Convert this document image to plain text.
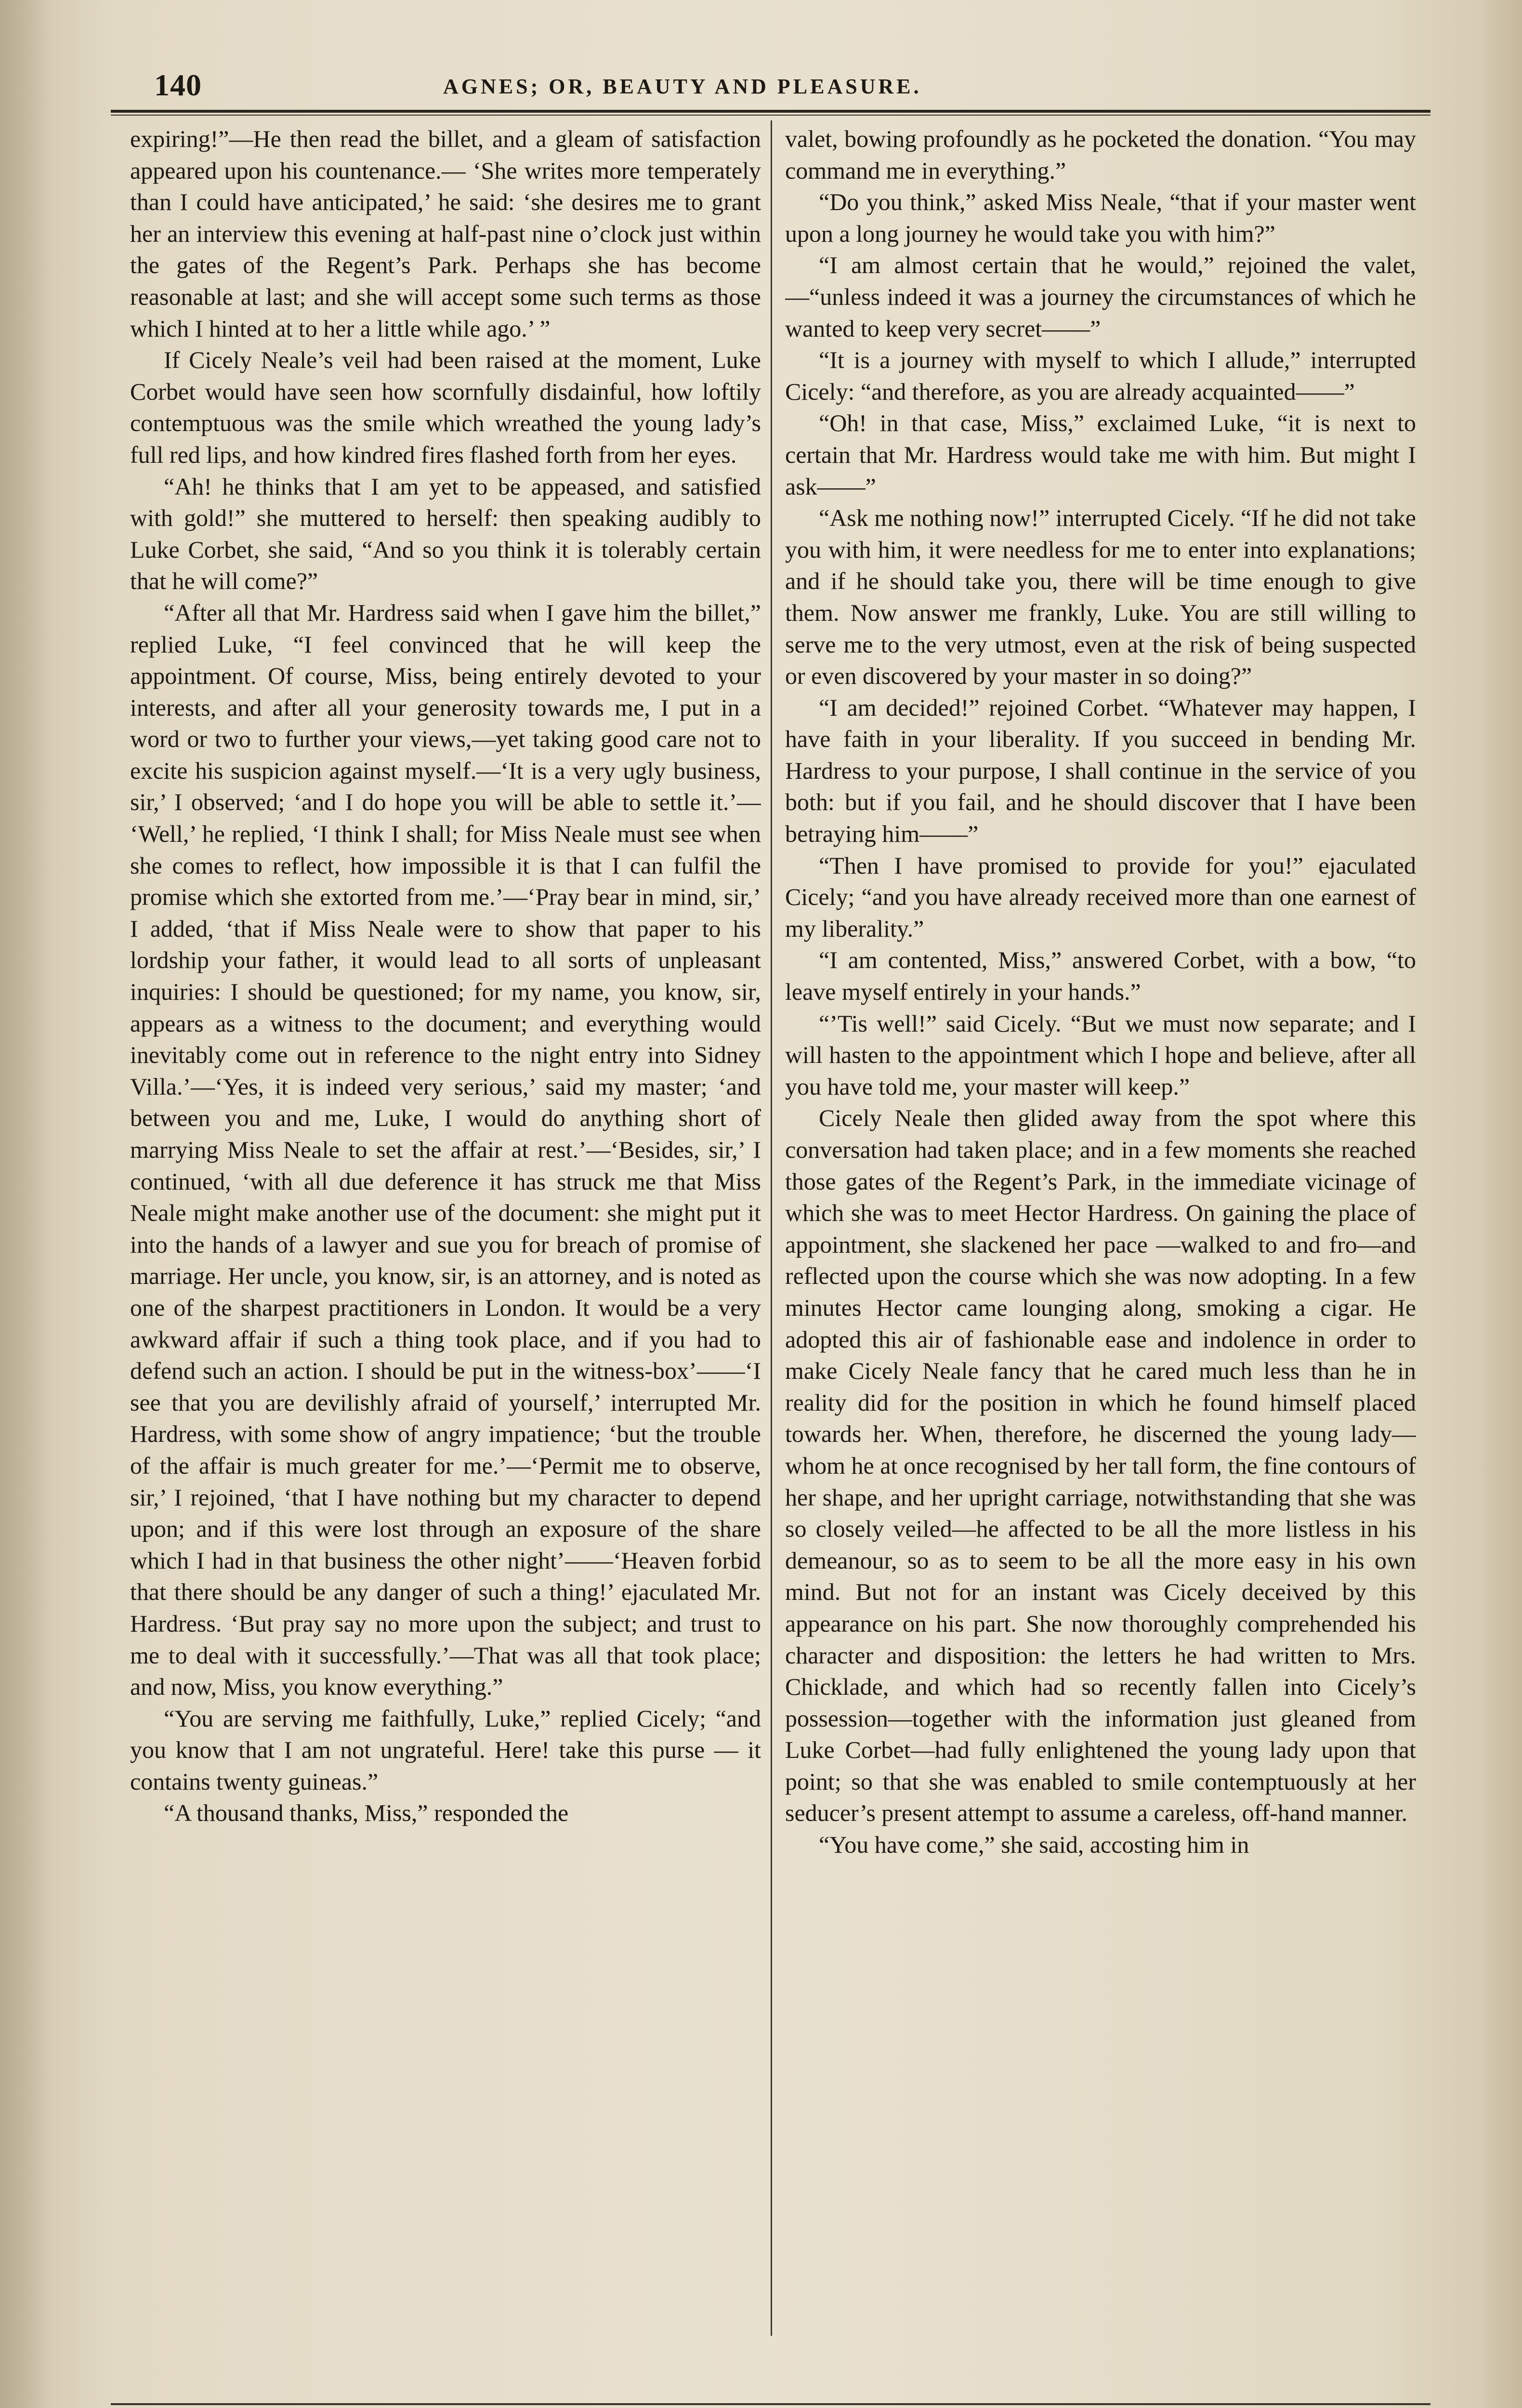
140	AGNES; OR, BEAUTY AND PLEASURE.

expiring!”—He then read the billet, and a gleam of satisfaction appeared upon his countenance.— ‘She writes more temperately than I could have anticipated,’ he said: ‘she desires me to grant her an interview this evening at half-past nine o’clock just within the gates of the Regent’s Park. Perhaps she has become reasonable at last; and she will accept some such terms as those which I hinted at to her a little while ago.’ ”

If Cicely Neale’s veil had been raised at the moment, Luke Corbet would have seen how scornfully disdainful, how loftily contemptuous was the smile which wreathed the young lady’s full red lips, and how kindred fires flashed forth from her eyes.

“Ah! he thinks that I am yet to be appeased, and satisfied with gold!” she muttered to herself: then speaking audibly to Luke Corbet, she said, “And so you think it is tolerably certain that he will come?”

“After all that Mr. Hardress said when I gave him the billet,” replied Luke, “I feel convinced that he will keep the appointment. Of course, Miss, being entirely devoted to your interests, and after all your generosity towards me, I put in a word or two to further your views,—yet taking good care not to excite his suspicion against myself.—‘It is a very ugly business, sir,’ I observed; ‘and I do hope you will be able to settle it.’— ‘Well,’ he replied, ‘I think I shall; for Miss Neale must see when she comes to reflect, how impossible it is that I can fulfil the promise which she extorted from me.’—‘Pray bear in mind, sir,’ I added, ‘that if Miss Neale were to show that paper to his lordship your father, it would lead to all sorts of unpleasant inquiries: I should be questioned; for my name, you know, sir, appears as a witness to the document; and everything would inevitably come out in reference to the night entry into Sidney Villa.’—‘Yes, it is indeed very serious,’ said my master; ‘and between you and me, Luke, I would do anything short of marrying Miss Neale to set the affair at rest.’—‘Besides, sir,’ I continued, ‘with all due deference it has struck me that Miss Neale might make another use of the document: she might put it into the hands of a lawyer and sue you for breach of promise of marriage. Her uncle, you know, sir, is an attorney, and is noted as one of the sharpest practitioners in London. It would be a very awkward affair if such a thing took place, and if you had to defend such an action. I should be put in the witness-box’——‘I see that you are devilishly afraid of yourself,’ interrupted Mr. Hardress, with some show of angry impatience; ‘but the trouble of the affair is much greater for me.’—‘Permit me to observe, sir,’ I rejoined, ‘that I have nothing but my character to depend upon; and if this were lost through an exposure of the share which I had in that business the other night’——‘Heaven forbid that there should be any danger of such a thing!’ ejaculated Mr. Hardress. ‘But pray say no more upon the subject; and trust to me to deal with it successfully.’—That was all that took place; and now, Miss, you know everything.”

“You are serving me faithfully, Luke,” replied Cicely; “and you know that I am not ungrateful. Here! take this purse — it contains twenty guineas.”

“A thousand thanks, Miss,” responded the

valet, bowing profoundly as he pocketed the donation. “You may command me in everything.”

“Do you think,” asked Miss Neale, “that if your master went upon a long journey he would take you with him?”

“I am almost certain that he would,” rejoined the valet,—“unless indeed it was a journey the circumstances of which he wanted to keep very secret——”

“It is a journey with myself to which I allude,” interrupted Cicely: “and therefore, as you are already acquainted——”

“Oh! in that case, Miss,” exclaimed Luke, “it is next to certain that Mr. Hardress would take me with him. But might I ask——”

“Ask me nothing now!” interrupted Cicely. “If he did not take you with him, it were needless for me to enter into explanations; and if he should take you, there will be time enough to give them. Now answer me frankly, Luke. You are still willing to serve me to the very utmost, even at the risk of being suspected or even discovered by your master in so doing?”

“I am decided!” rejoined Corbet. “Whatever may happen, I have faith in your liberality. If you succeed in bending Mr. Hardress to your purpose, I shall continue in the service of you both: but if you fail, and he should discover that I have been betraying him——”

“Then I have promised to provide for you!” ejaculated Cicely; “and you have already received more than one earnest of my liberality.”

“I am contented, Miss,” answered Corbet, with a bow, “to leave myself entirely in your hands.”

“’Tis well!” said Cicely. “But we must now separate; and I will hasten to the appointment which I hope and believe, after all you have told me, your master will keep.”

Cicely Neale then glided away from the spot where this conversation had taken place; and in a few moments she reached those gates of the Regent’s Park, in the immediate vicinage of which she was to meet Hector Hardress. On gaining the place of appointment, she slackened her pace —walked to and fro—and reflected upon the course which she was now adopting. In a few minutes Hector came lounging along, smoking a cigar. He adopted this air of fashionable ease and indolence in order to make Cicely Neale fancy that he cared much less than he in reality did for the position in which he found himself placed towards her. When, therefore, he discerned the young lady—whom he at once recognised by her tall form, the fine contours of her shape, and her upright carriage, notwithstanding that she was so closely veiled—he affected to be all the more listless in his demeanour, so as to seem to be all the more easy in his own mind. But not for an instant was Cicely deceived by this appearance on his part. She now thoroughly comprehended his character and disposition: the letters he had written to Mrs. Chicklade, and which had so recently fallen into Cicely’s possession—together with the information just gleaned from Luke Corbet—had fully enlightened the young lady upon that point; so that she was enabled to smile contemptuously at her seducer’s present attempt to assume a careless, off-hand manner.

“You have come,” she said, accosting him in
